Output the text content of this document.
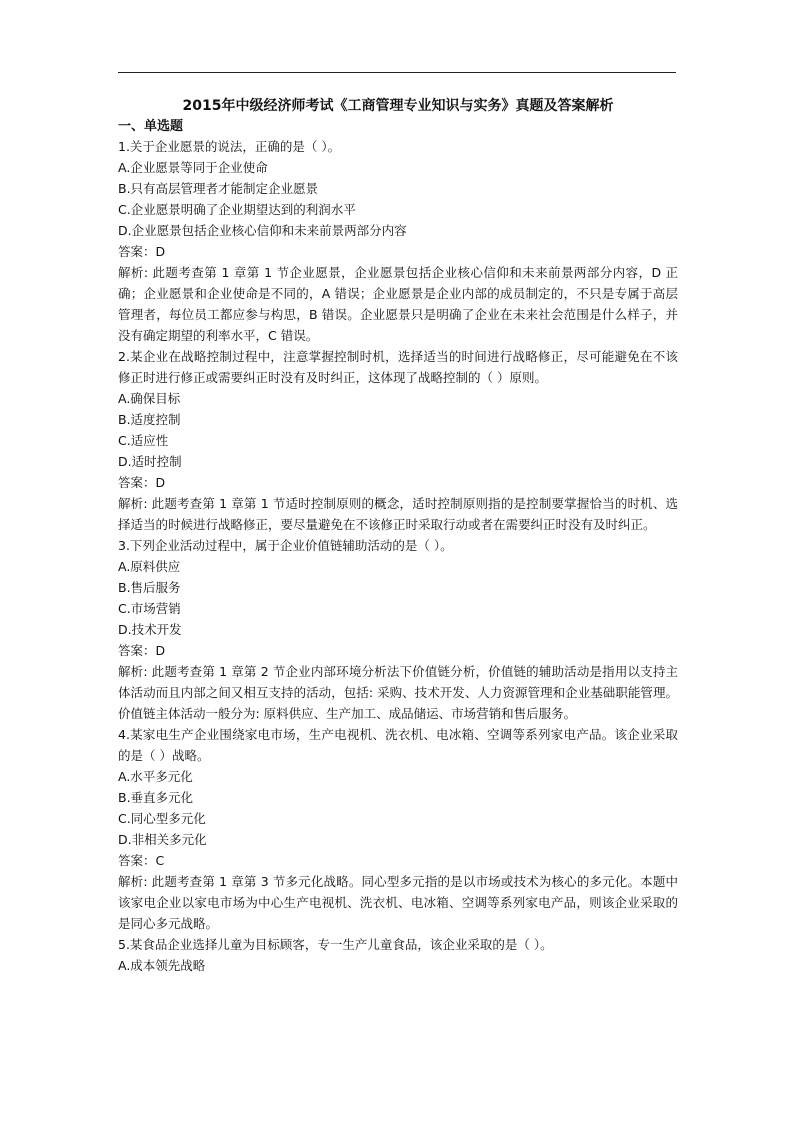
2015年中级经济师考试《工商管理专业知识与实务》真题及答案解析

一、单选题

1.关于企业愿景的说法，正确的是（ ）。

A.企业愿景等同于企业使命

B.只有高层管理者才能制定企业愿景

C.企业愿景明确了企业期望达到的利润水平

D.企业愿景包括企业核心信仰和未来前景两部分内容

答案：D

解析: 此题考查第 1 章第 1 节企业愿景，企业愿景包括企业核心信仰和未来前景两部分内容，D 正确；企业愿景和企业使命是不同的，A 错误；企业愿景是企业内部的成员制定的，不只是专属于高层管理者，每位员工都应参与构思，B 错误。企业愿景只是明确了企业在未来社会范围是什么样子，并没有确定期望的利率水平，C 错误。

2.某企业在战略控制过程中，注意掌握控制时机，选择适当的时间进行战略修正，尽可能避免在不该修正时进行修正或需要纠正时没有及时纠正，这体现了战略控制的（ ）原则。

A.确保目标

B.适度控制

C.适应性

D.适时控制

答案：D

解析: 此题考查第 1 章第 1 节适时控制原则的概念，适时控制原则指的是控制要掌握恰当的时机、选择适当的时候进行战略修正，要尽量避免在不该修正时采取行动或者在需要纠正时没有及时纠正。

3.下列企业活动过程中，属于企业价值链辅助活动的是（ ）。

A.原料供应

B.售后服务

C.市场营销

D.技术开发

答案：D

解析: 此题考查第 1 章第 2 节企业内部环境分析法下价值链分析，价值链的辅助活动是指用以支持主体活动而且内部之间又相互支持的活动，包括: 采购、技术开发、人力资源管理和企业基础职能管理。价值链主体活动一般分为: 原料供应、生产加工、成品储运、市场营销和售后服务。

4.某家电生产企业围绕家电市场，生产电视机、洗衣机、电冰箱、空调等系列家电产品。该企业采取的是（ ）战略。

A.水平多元化

B.垂直多元化

C.同心型多元化

D.非相关多元化

答案：C

解析: 此题考查第 1 章第 3 节多元化战略。同心型多元指的是以市场或技术为核心的多元化。本题中该家电企业以家电市场为中心生产电视机、洗衣机、电冰箱、空调等系列家电产品，则该企业采取的是同心多元战略。

5.某食品企业选择儿童为目标顾客，专一生产儿童食品，该企业采取的是（ ）。

A.成本领先战略
